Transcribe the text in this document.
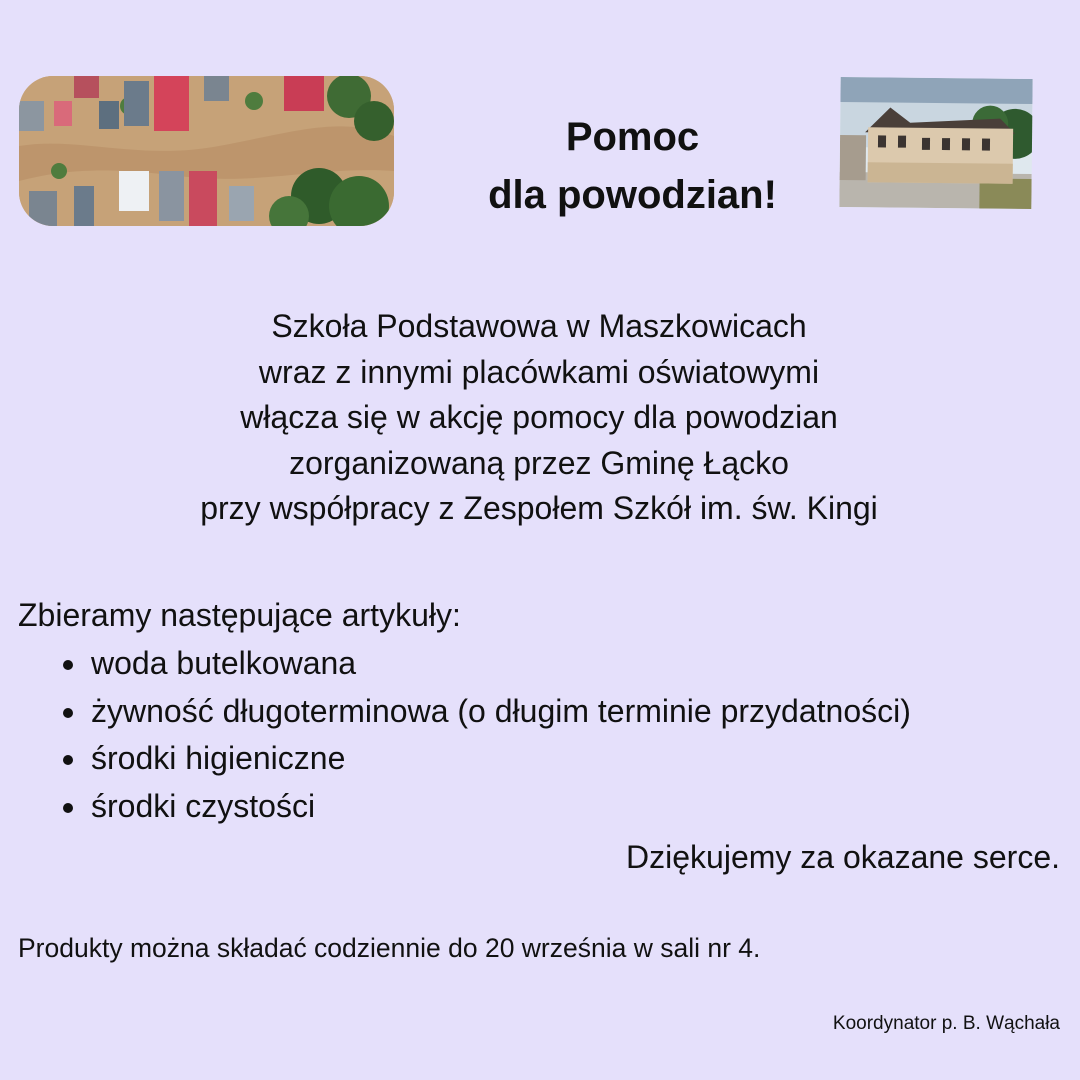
Pomoc
dla powodzian!
Szkoła Podstawowa w Maszkowicach
wraz z innymi placówkami oświatowymi
włącza się w akcję pomocy dla powodzian
zorganizowaną przez Gminę Łącko
przy współpracy z Zespołem Szkół im. św. Kingi
Zbieramy następujące artykuły:
woda butelkowana
żywność długoterminowa (o długim terminie przydatności)
środki higieniczne
środki czystości
Dziękujemy za okazane serce.
Produkty można składać codziennie do 20 września w sali nr 4.
Koordynator p. B. Wąchała
